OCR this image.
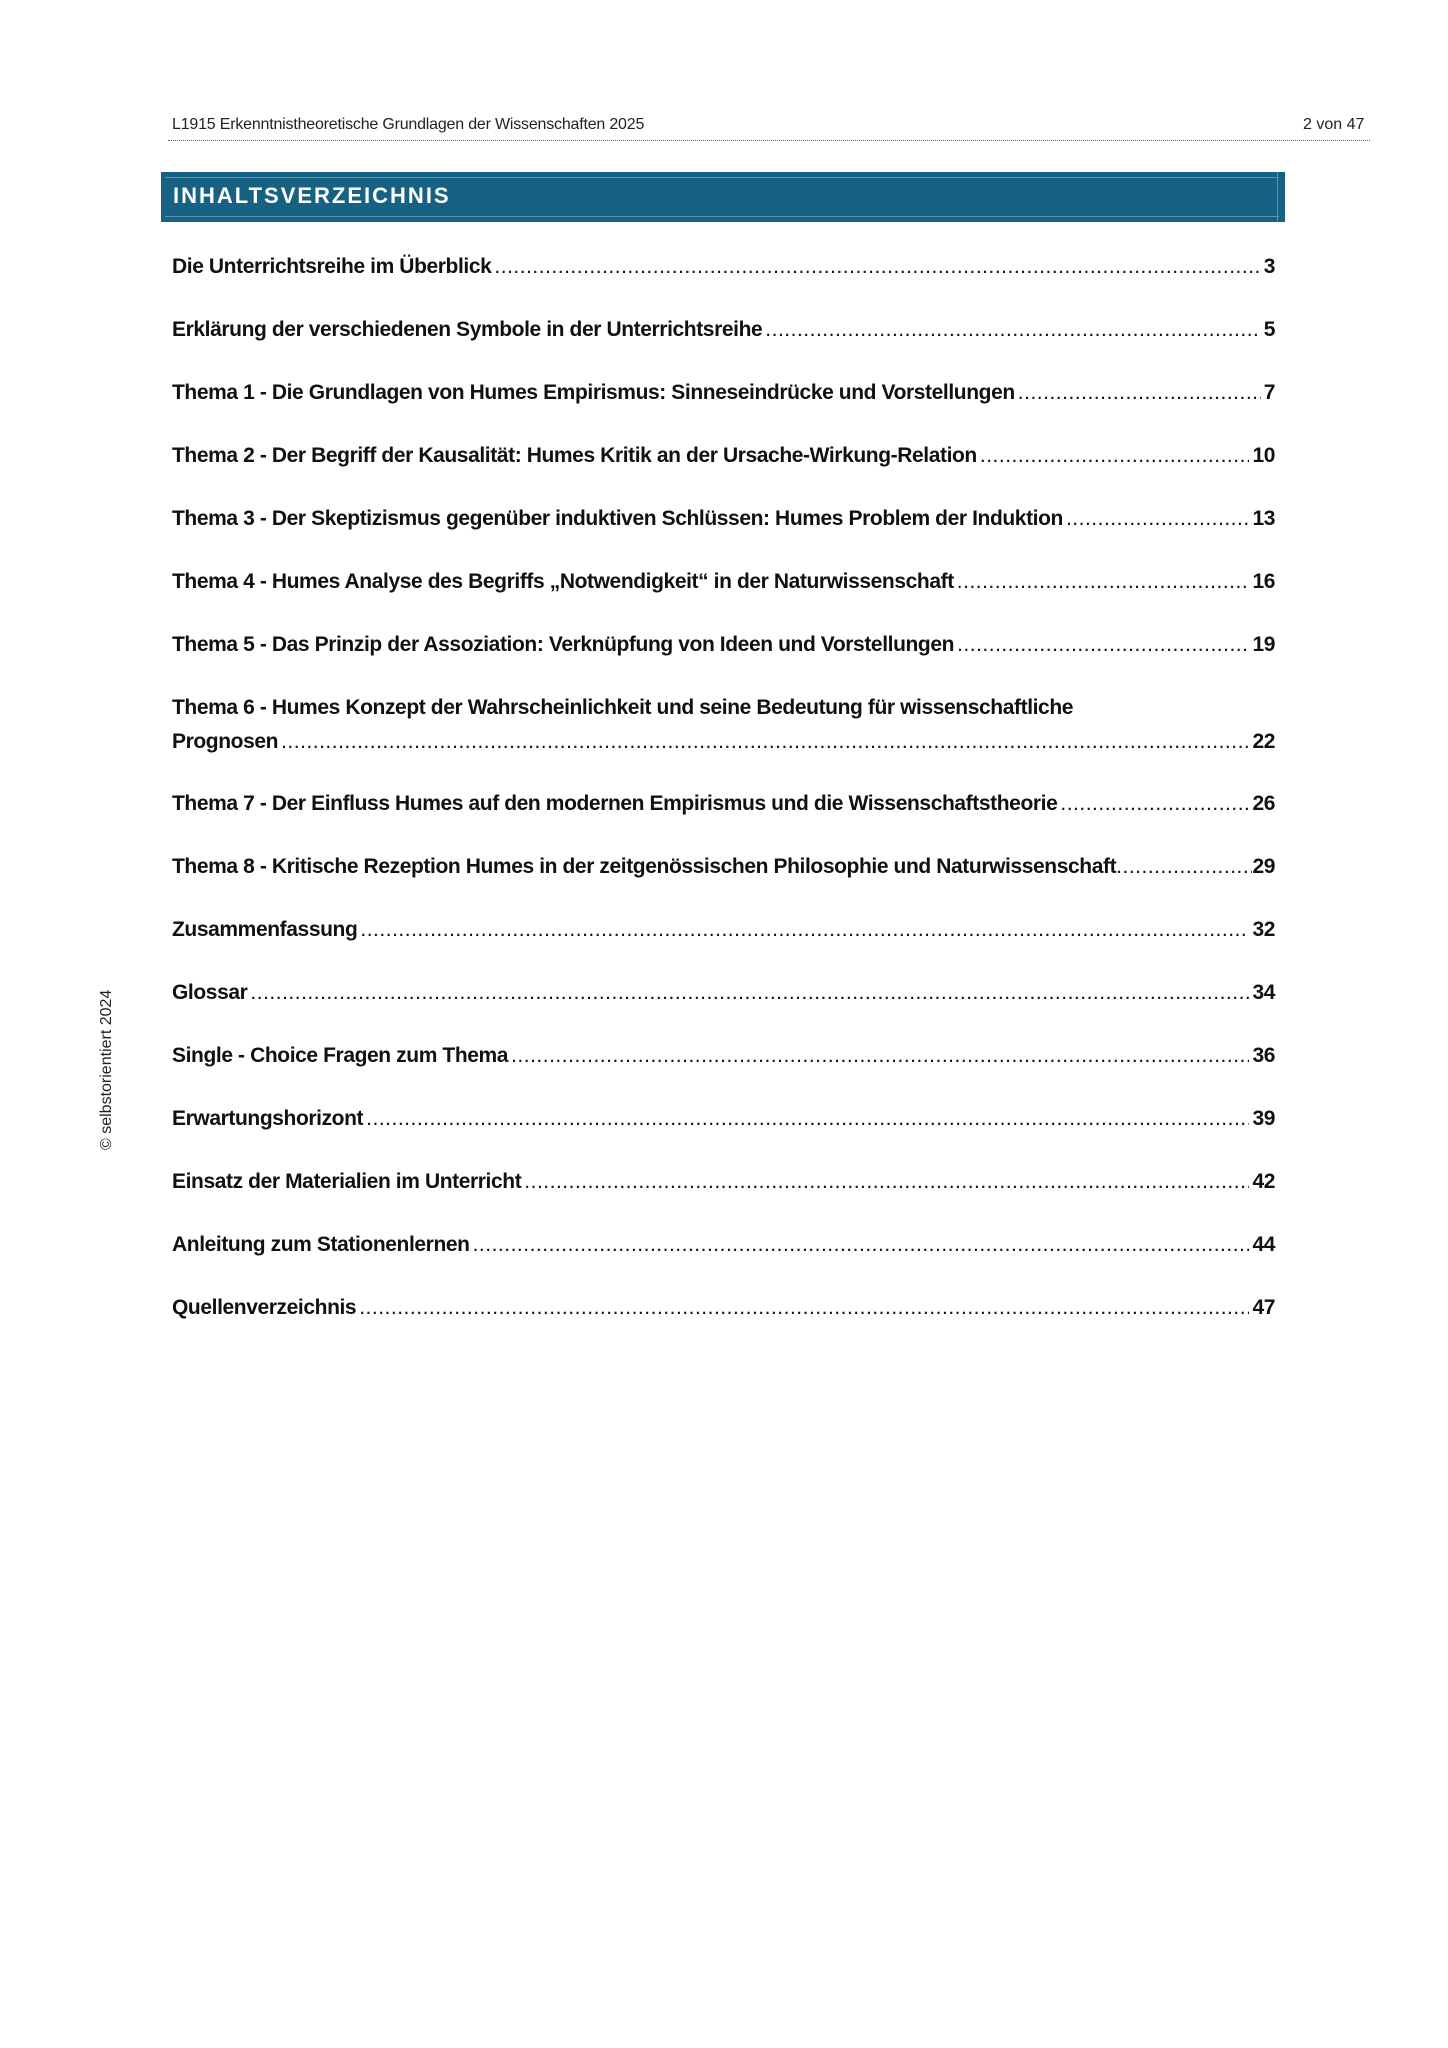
L1915 Erkenntnistheoretische Grundlagen der Wissenschaften 2025	2 von 47
INHALTSVERZEICHNIS
Die Unterrichtsreihe im Überblick .....	3
Erklärung der verschiedenen Symbole in der Unterrichtsreihe .....	5
Thema 1 - Die Grundlagen von Humes Empirismus: Sinneseindrücke und Vorstellungen .....	7
Thema 2 - Der Begriff der Kausalität: Humes Kritik an der Ursache-Wirkung-Relation .....	10
Thema 3 - Der Skeptizismus gegenüber induktiven Schlüssen: Humes Problem der Induktion .....	13
Thema 4 - Humes Analyse des Begriffs „Notwendigkeit“ in der Naturwissenschaft .....	16
Thema 5 - Das Prinzip der Assoziation: Verknüpfung von Ideen und Vorstellungen .....	19
Thema 6 - Humes Konzept der Wahrscheinlichkeit und seine Bedeutung für wissenschaftliche
Prognosen .....	22
Thema 7 - Der Einfluss Humes auf den modernen Empirismus und die Wissenschaftstheorie .....	26
Thema 8 - Kritische Rezeption Humes in der zeitgenössischen Philosophie und Naturwissenschaft .....	29
Zusammenfassung .....	32
Glossar .....	34
Single - Choice Fragen zum Thema .....	36
Erwartungshorizont .....	39
Einsatz der Materialien im Unterricht .....	42
Anleitung zum Stationenlernen .....	44
Quellenverzeichnis .....	47
© selbstorientiert 2024
